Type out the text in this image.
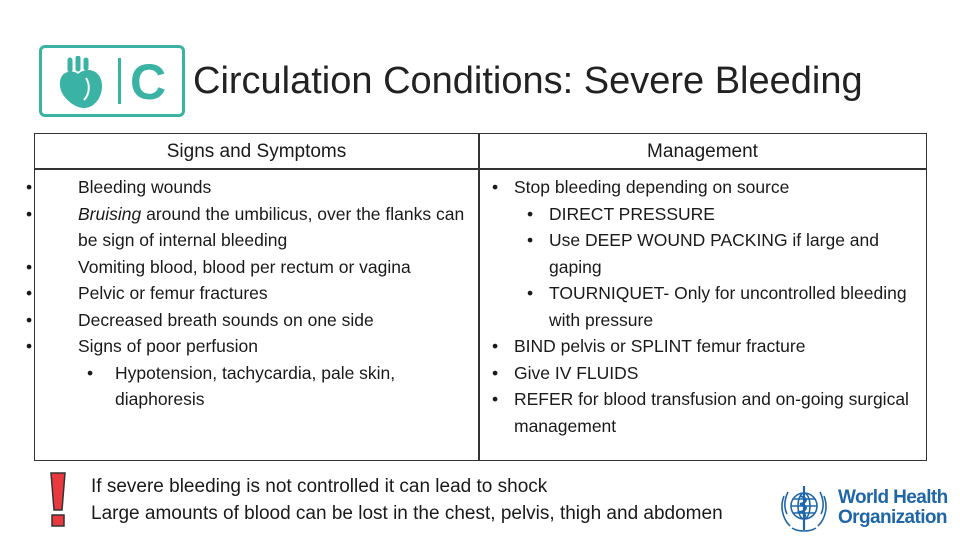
C Circulation Conditions: Severe Bleeding
Signs and Symptoms	Management
• Bleeding wounds
• Bruising around the umbilicus, over the flanks can be sign of internal bleeding
• Vomiting blood, blood per rectum or vagina
• Pelvic or femur fractures
• Decreased breath sounds on one side
• Signs of poor perfusion
• Hypotension, tachycardia, pale skin, diaphoresis
• Stop bleeding depending on source
• DIRECT PRESSURE
• Use DEEP WOUND PACKING if large and gaping
• TOURNIQUET- Only for uncontrolled bleeding with pressure
• BIND pelvis or SPLINT femur fracture
• Give IV FLUIDS
• REFER for blood transfusion and on-going surgical management
If severe bleeding is not controlled it can lead to shock
Large amounts of blood can be lost in the chest, pelvis, thigh and abdomen
World Health
Organization
